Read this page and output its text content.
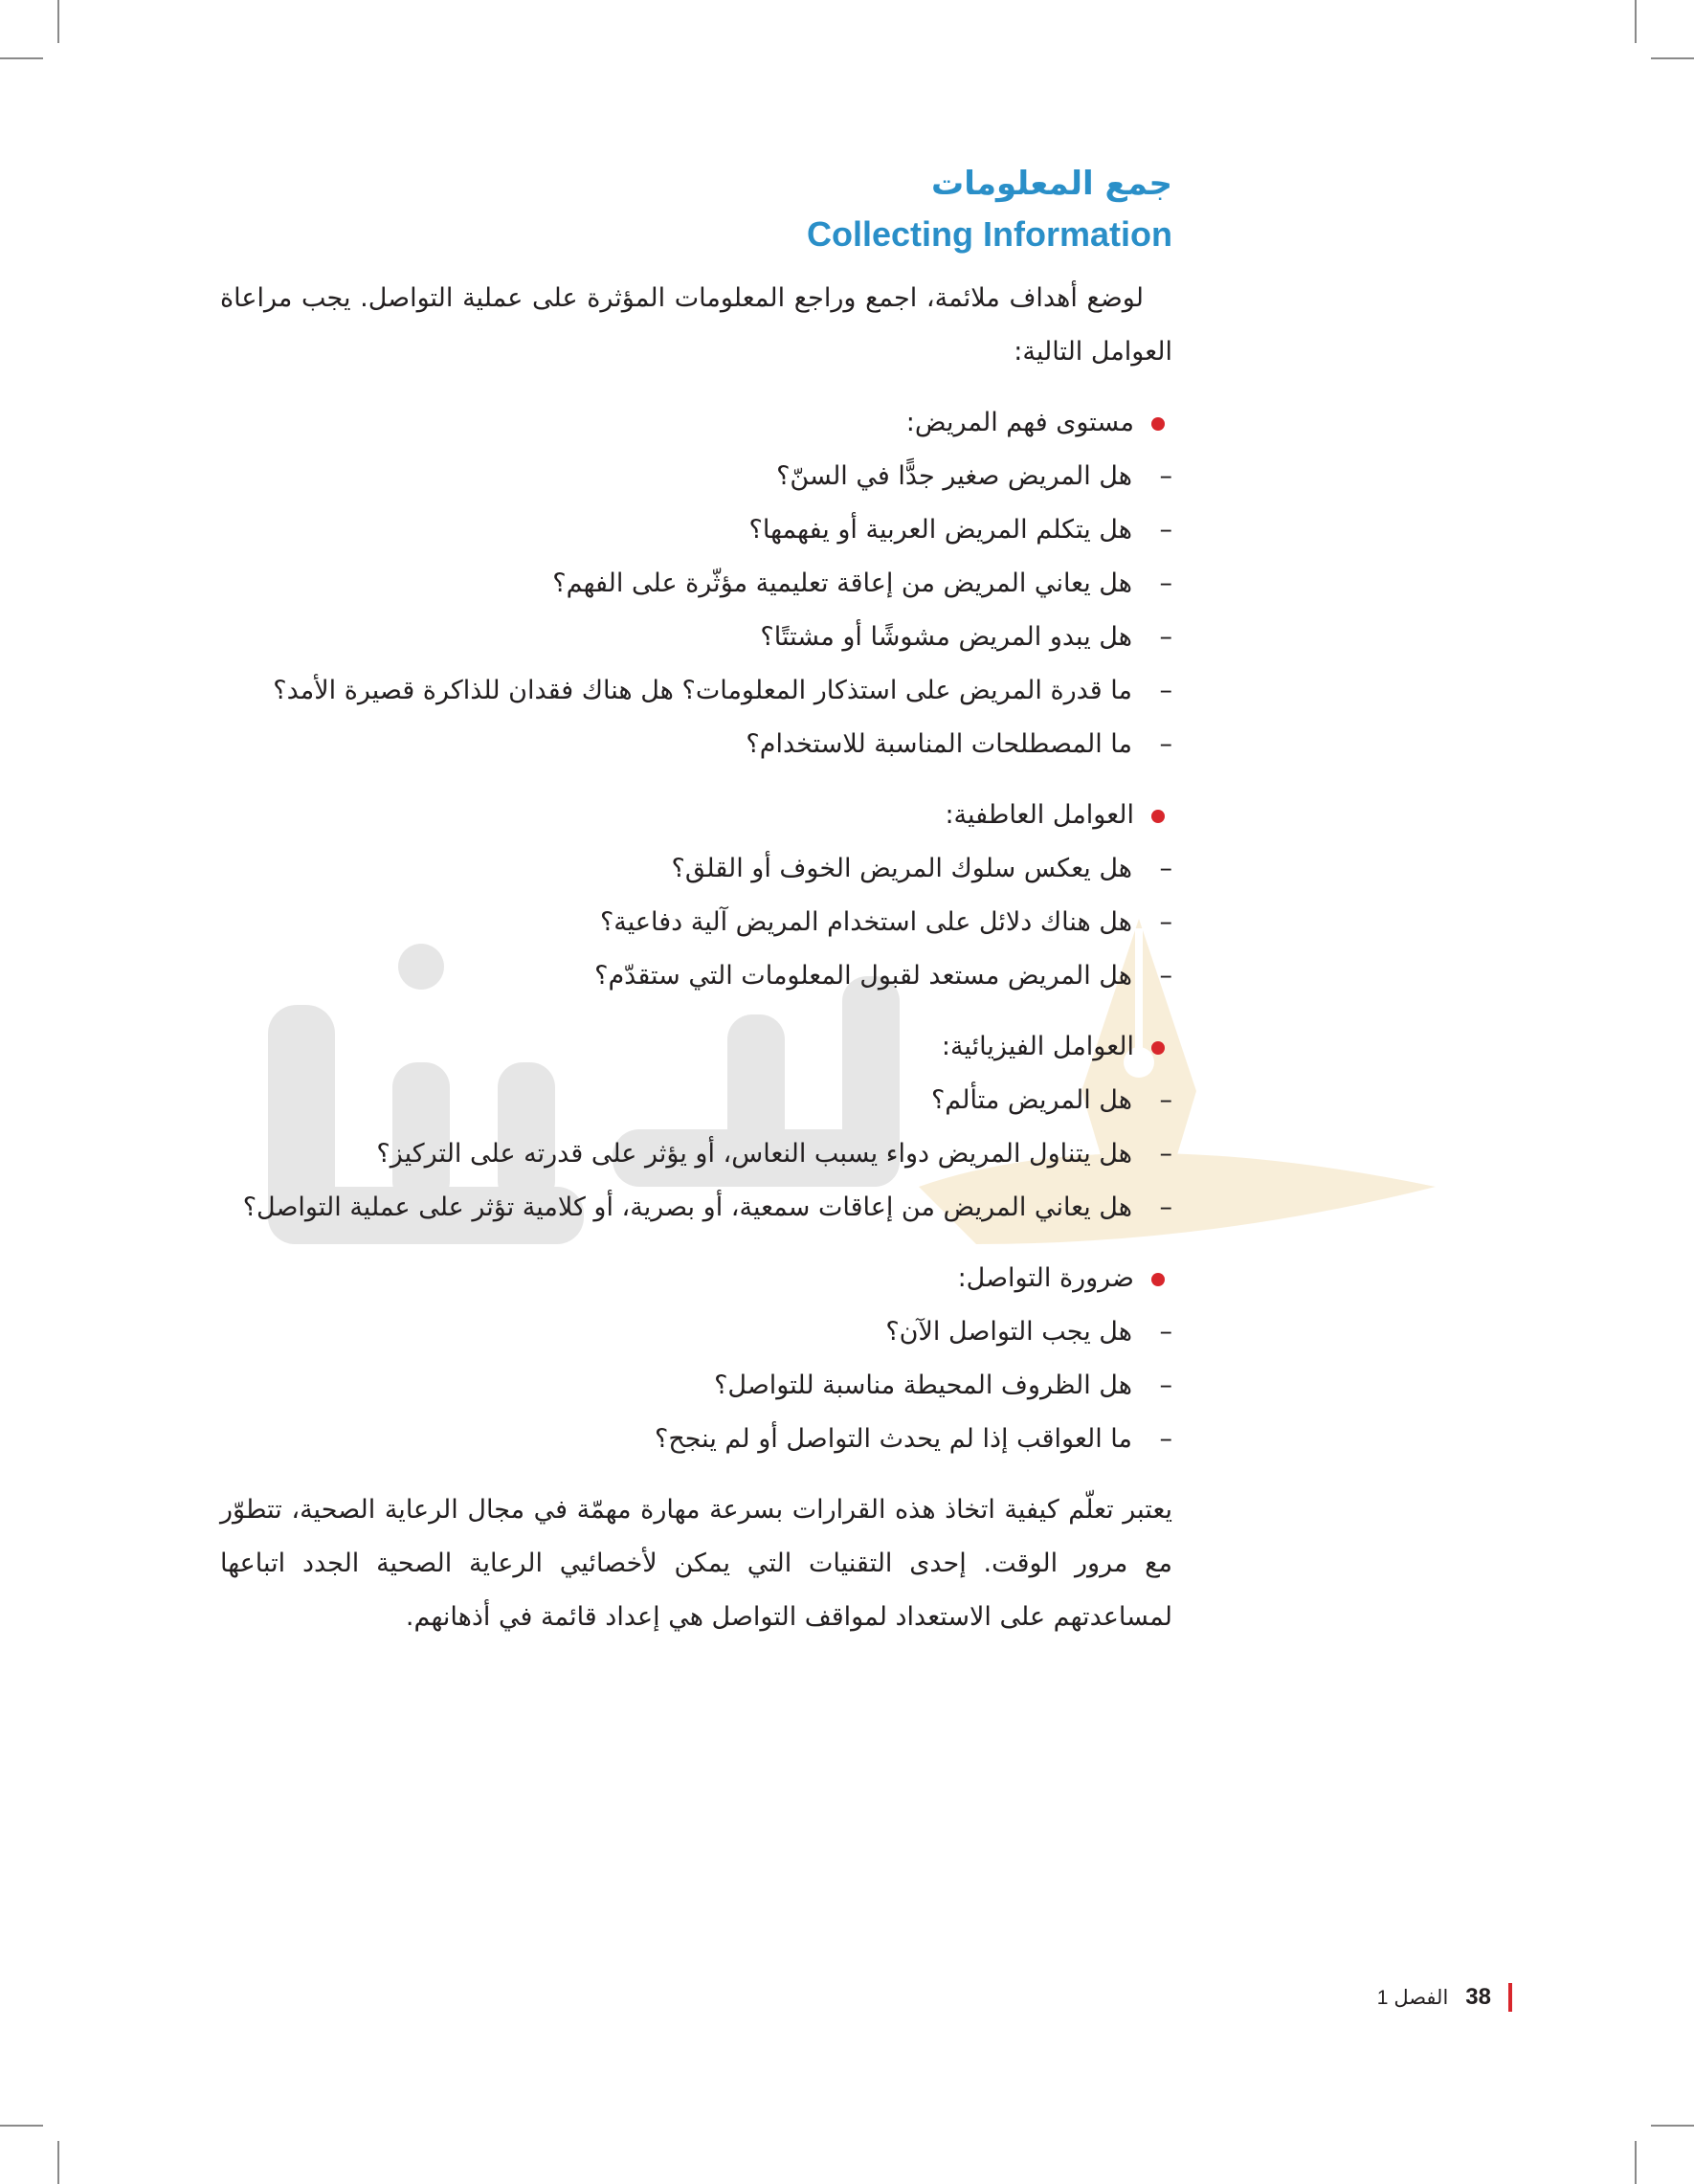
جمع المعلومات
Collecting Information

لوضع أهداف ملائمة، اجمع وراجع المعلومات المؤثرة على عملية التواصل. يجب مراعاة العوامل التالية:

مستوى فهم المريض:
–
هل المريض صغير جدًّا في السنّ؟
–
هل يتكلم المريض العربية أو يفهمها؟
–
هل يعاني المريض من إعاقة تعليمية مؤثّرة على الفهم؟
–
هل يبدو المريض مشوشًا أو مشتتًا؟
–
ما قدرة المريض على استذكار المعلومات؟ هل هناك فقدان للذاكرة قصيرة الأمد؟
–
ما المصطلحات المناسبة للاستخدام؟
العوامل العاطفية:
–
هل يعكس سلوك المريض الخوف أو القلق؟
–
هل هناك دلائل على استخدام المريض آلية دفاعية؟
–
هل المريض مستعد لقبول المعلومات التي ستقدّم؟
العوامل الفيزيائية:
–
هل المريض متألم؟
–
هل يتناول المريض دواء يسبب النعاس، أو يؤثر على قدرته على التركيز؟
–
هل يعاني المريض من إعاقات سمعية، أو بصرية، أو كلامية تؤثر على عملية التواصل؟
ضرورة التواصل:
–
هل يجب التواصل الآن؟
–
هل الظروف المحيطة مناسبة للتواصل؟
–
ما العواقب إذا لم يحدث التواصل أو لم ينجح؟

يعتبر تعلّم كيفية اتخاذ هذه القرارات بسرعة مهارة مهمّة في مجال الرعاية الصحية، تتطوّر مع مرور الوقت. إحدى التقنيات التي يمكن لأخصائيي الرعاية الصحية الجدد اتباعها لمساعدتهم على الاستعداد لمواقف التواصل هي إعداد قائمة في أذهانهم.

38
الفصل 1
